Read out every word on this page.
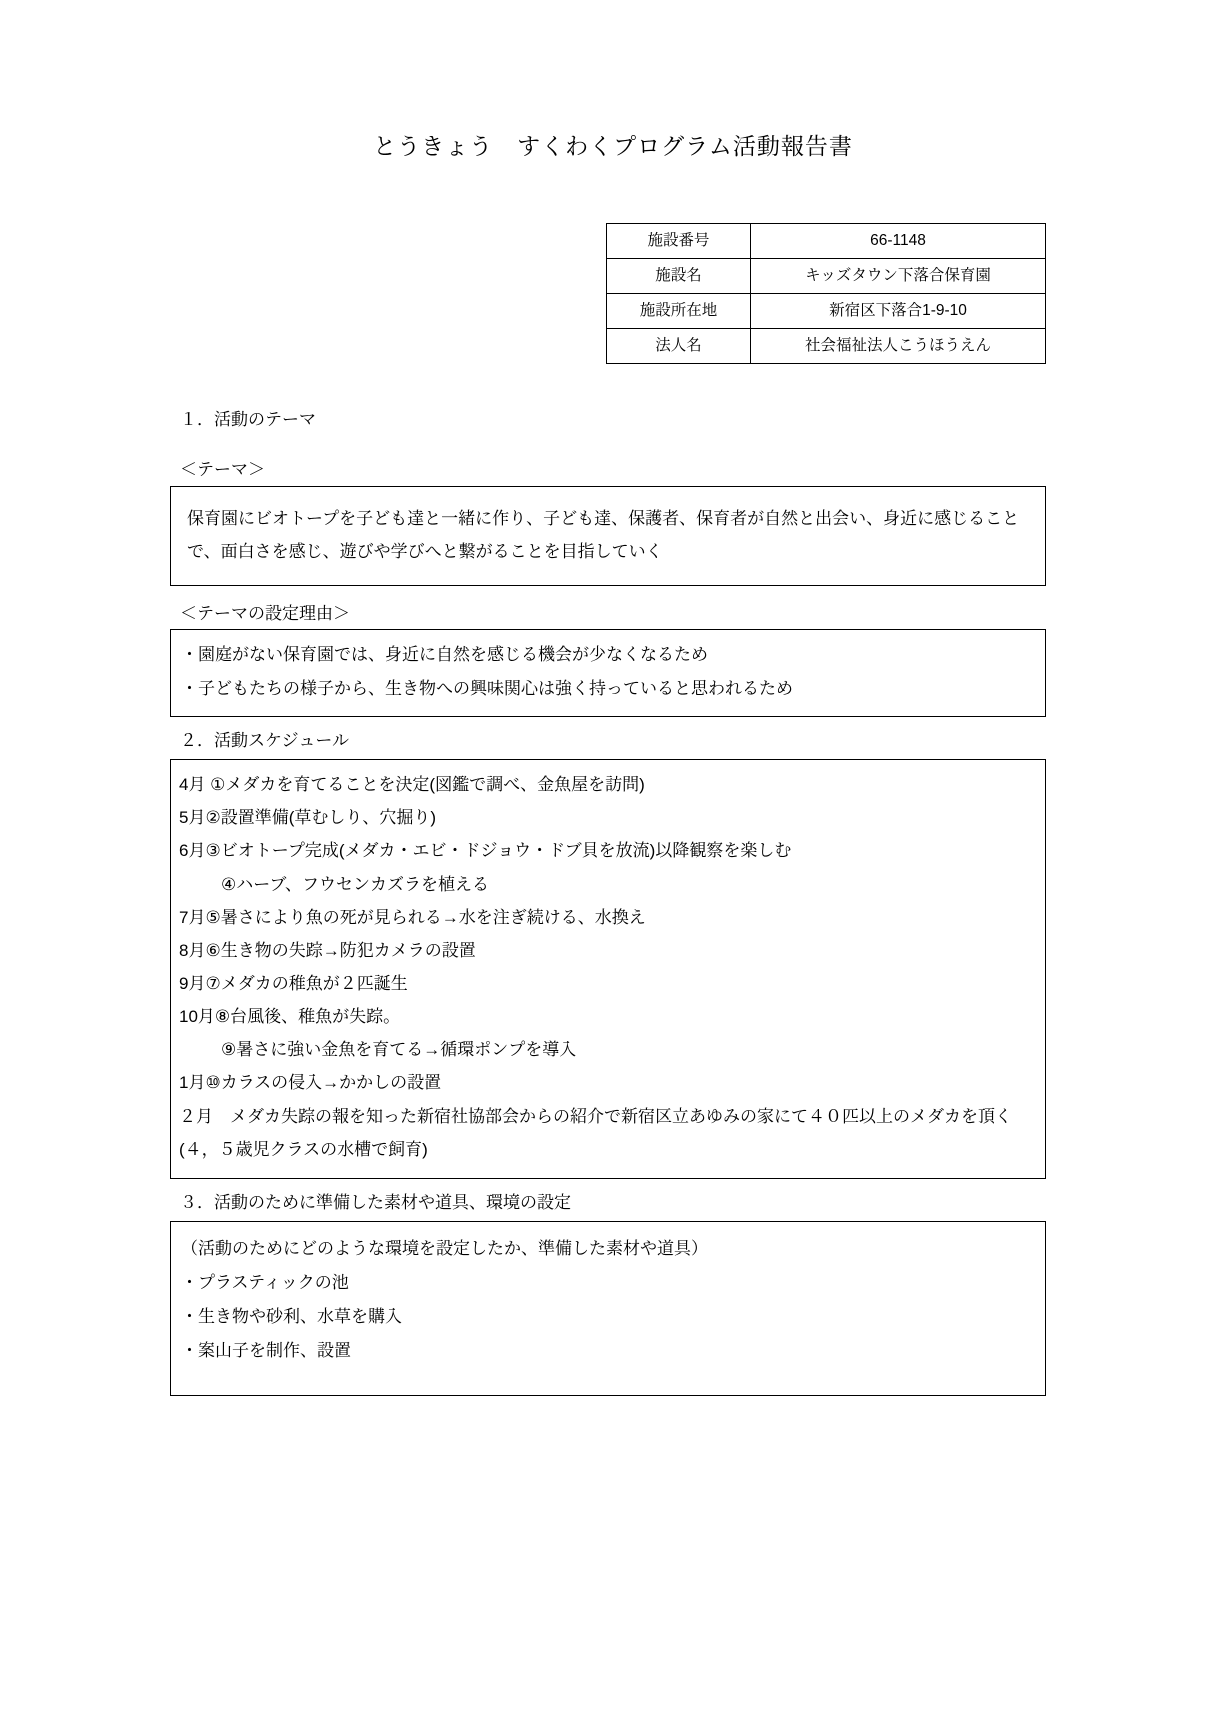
とうきょう　すくわくプログラム活動報告書
施設番号	66-1148
施設名	キッズタウン下落合保育園
施設所在地	新宿区下落合1-9-10
法人名	社会福祉法人こうほうえん
１．活動のテーマ
＜テーマ＞

保育園にビオトープを子ども達と一緒に作り、子ども達、保護者、保育者が自然と出会い、身近に感じることで、面白さを感じ、遊びや学びへと繋がることを目指していく

＜テーマの設定理由＞

・園庭がない保育園では、身近に自然を感じる機会が少なくなるため

・子どもたちの様子から、生き物への興味関心は強く持っていると思われるため

２．活動スケジュール

4月 ①メダカを育てることを決定(図鑑で調べ、金魚屋を訪問)

5月②設置準備(草むしり、穴掘り)

6月③ビオトープ完成(メダカ・エビ・ドジョウ・ドブ貝を放流)以降観察を楽しむ

④ハーブ、フウセンカズラを植える

7月⑤暑さにより魚の死が見られる→水を注ぎ続ける、水換え

8月⑥生き物の失踪→防犯カメラの設置

9月⑦メダカの稚魚が２匹誕生

10月⑧台風後、稚魚が失踪。

⑨暑さに強い金魚を育てる→循環ポンプを導入

1月⑩カラスの侵入→かかしの設置

２月　メダカ失踪の報を知った新宿社協部会からの紹介で新宿区立あゆみの家にて４０匹以上のメダカを頂く(４，５歳児クラスの水槽で飼育)

３．活動のために準備した素材や道具、環境の設定

（活動のためにどのような環境を設定したか、準備した素材や道具）

・プラスティックの池

・生き物や砂利、水草を購入

・案山子を制作、設置
